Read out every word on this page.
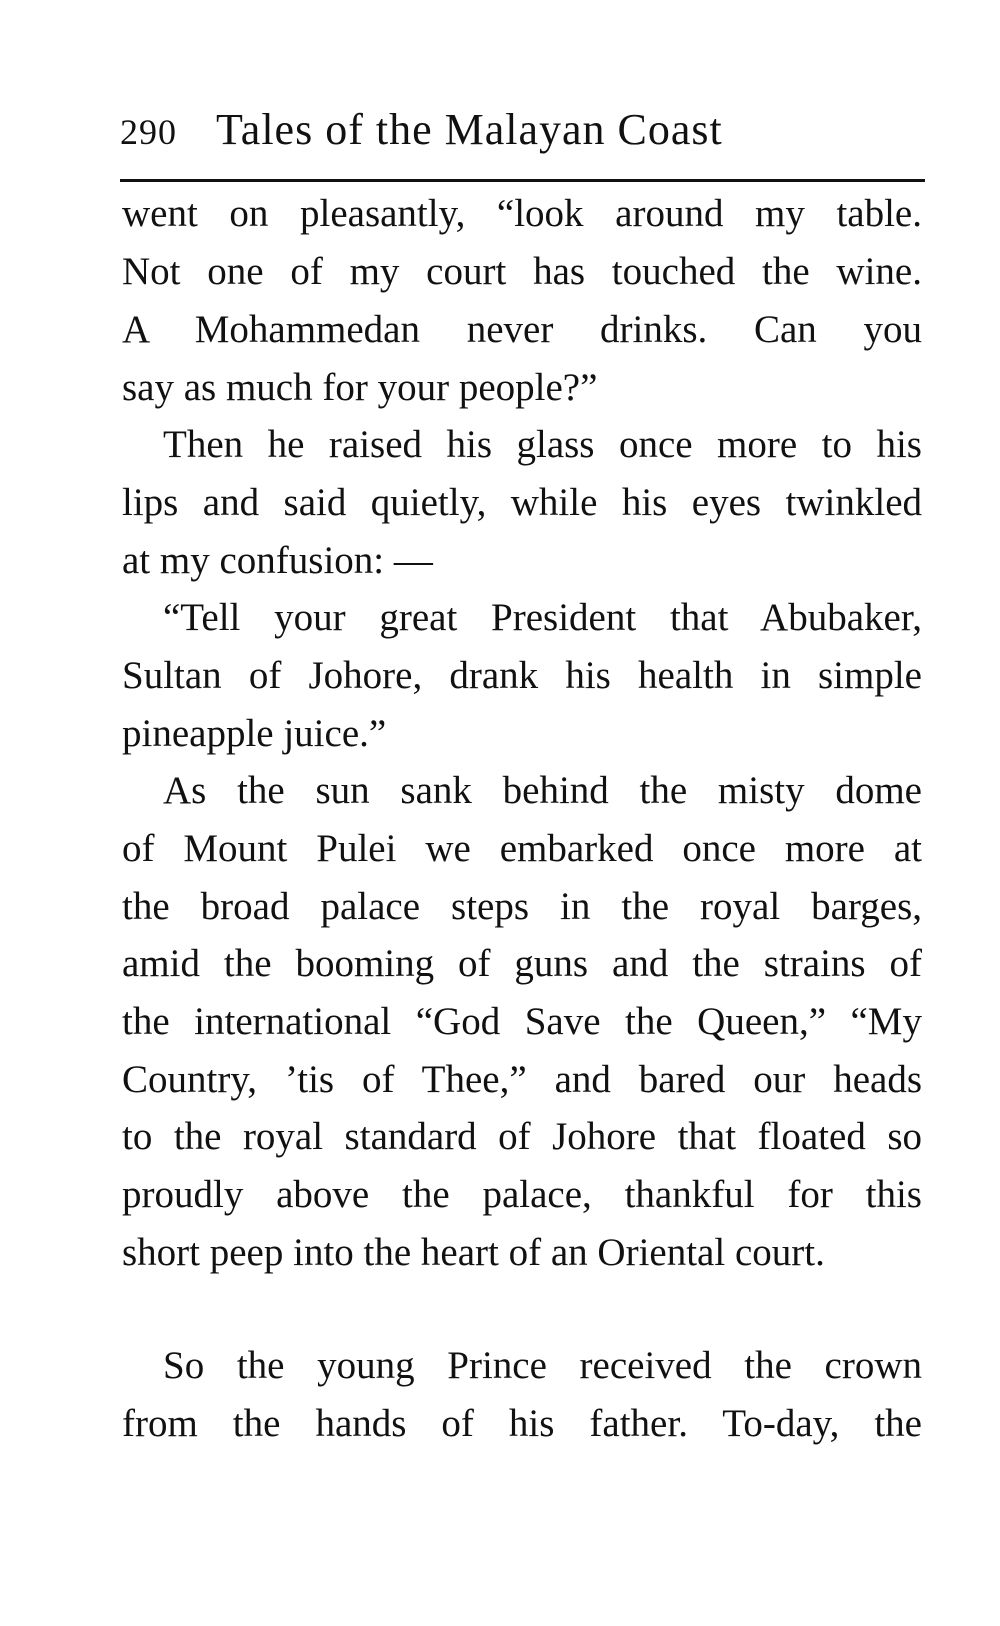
290 Tales of the Malayan Coast
went on pleasantly, “look around my table.
Not one of my court has touched the wine.
A Mohammedan never drinks. Can you
say as much for your people?”
Then he raised his glass once more to his
lips and said quietly, while his eyes twinkled
at my confusion: —
“Tell your great President that Abubaker,
Sultan of Johore, drank his health in simple
pineapple juice.”
As the sun sank behind the misty dome
of Mount Pulei we embarked once more at
the broad palace steps in the royal barges,
amid the booming of guns and the strains of
the international “God Save the Queen,” “My
Country, ’tis of Thee,” and bared our heads
to the royal standard of Johore that floated so
proudly above the palace, thankful for this
short peep into the heart of an Oriental court.
So the young Prince received the crown
from the hands of his father. To-day, the
